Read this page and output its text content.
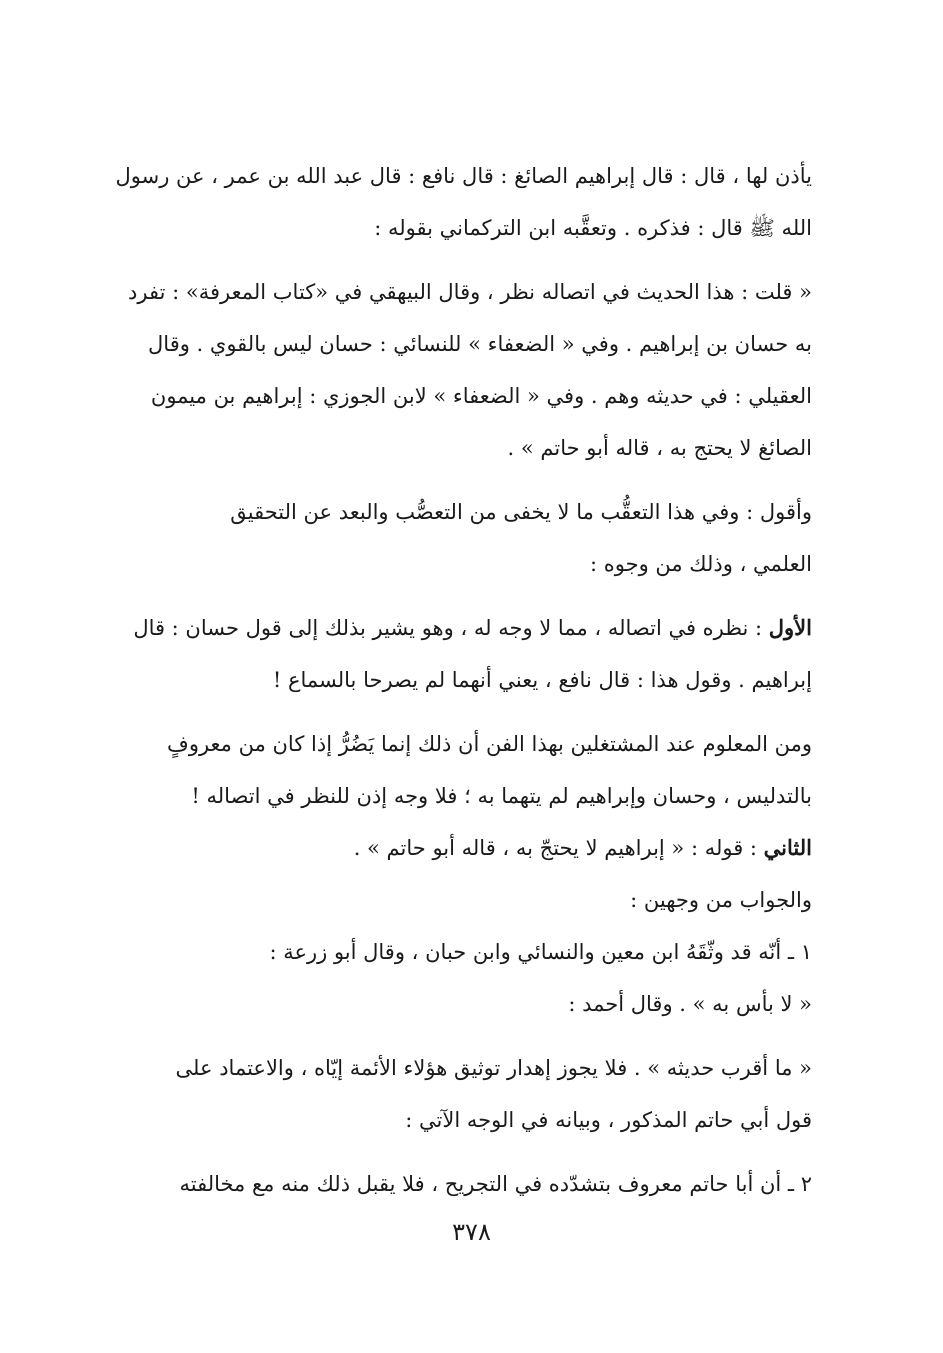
يأذن لها ، قال : قال إبراهيم الصائغ : قال نافع : قال عبد الله بن عمر ، عن رسول
الله ﷺ قال : فذكره . وتعقَّبه ابن التركماني بقوله :

« قلت : هذا الحديث في اتصاله نظر ، وقال البيهقي في «كتاب المعرفة» : تفرد
به حسان بن إبراهيم . وفي « الضعفاء » للنسائي : حسان ليس بالقوي . وقال
العقيلي : في حديثه وهم . وفي « الضعفاء » لابن الجوزي : إبراهيم بن ميمون
الصائغ لا يحتج به ، قاله أبو حاتم » .

وأقول : وفي هذا التعقُّب ما لا يخفى من التعصُّب والبعد عن التحقيق
العلمي ، وذلك من وجوه :

الأول : نظره في اتصاله ، مما لا وجه له ، وهو يشير بذلك إلى قول حسان : قال
إبراهيم . وقول هذا : قال نافع ، يعني أنهما لم يصرحا بالسماع !

ومن المعلوم عند المشتغلين بهذا الفن أن ذلك إنما يَضُرُّ إذا كان من معروفٍ
بالتدليس ، وحسان وإبراهيم لم يتهما به ؛ فلا وجه إذن للنظر في اتصاله !

الثاني : قوله : « إبراهيم لا يحتجّ به ، قاله أبو حاتم » .

والجواب من وجهين :

١ ـ أنّه قد وثّقَهُ ابن معين والنسائي وابن حبان ، وقال أبو زرعة :

« لا بأس به » . وقال أحمد :

« ما أقرب حديثه » . فلا يجوز إهدار توثيق هؤلاء الأئمة إيّاه ، والاعتماد على
قول أبي حاتم المذكور ، وبيانه في الوجه الآتي :

٢ ـ أن أبا حاتم معروف بتشدّده في التجريح ، فلا يقبل ذلك منه مع مخالفته

٣٧٨
